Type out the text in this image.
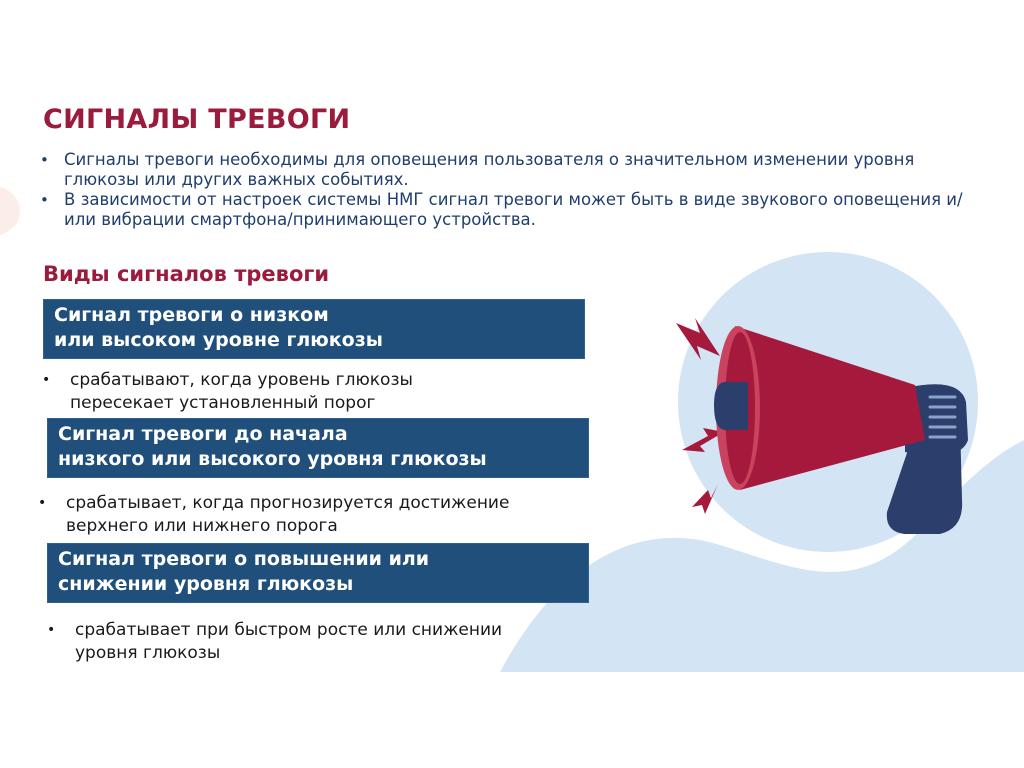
СИГНАЛЫ ТРЕВОГИ
• Сигналы тревоги необходимы для оповещения пользователя о значительном изменении уровня глюкозы или других важных событиях.
• В зависимости от настроек системы НМГ сигнал тревоги может быть в виде звукового оповещения и/или вибрации смартфона/принимающего устройства.
Виды сигналов тревоги
Сигнал тревоги о низком
или высоком уровне глюкозы
• срабатывают, когда уровень глюкозы
пересекает установленный порог
Сигнал тревоги до начала
низкого или высокого уровня глюкозы
• срабатывает, когда прогнозируется достижение
верхнего или нижнего порога
Сигнал тревоги о повышении или
снижении уровня глюкозы
• срабатывает при быстром росте или снижении
уровня глюкозы
